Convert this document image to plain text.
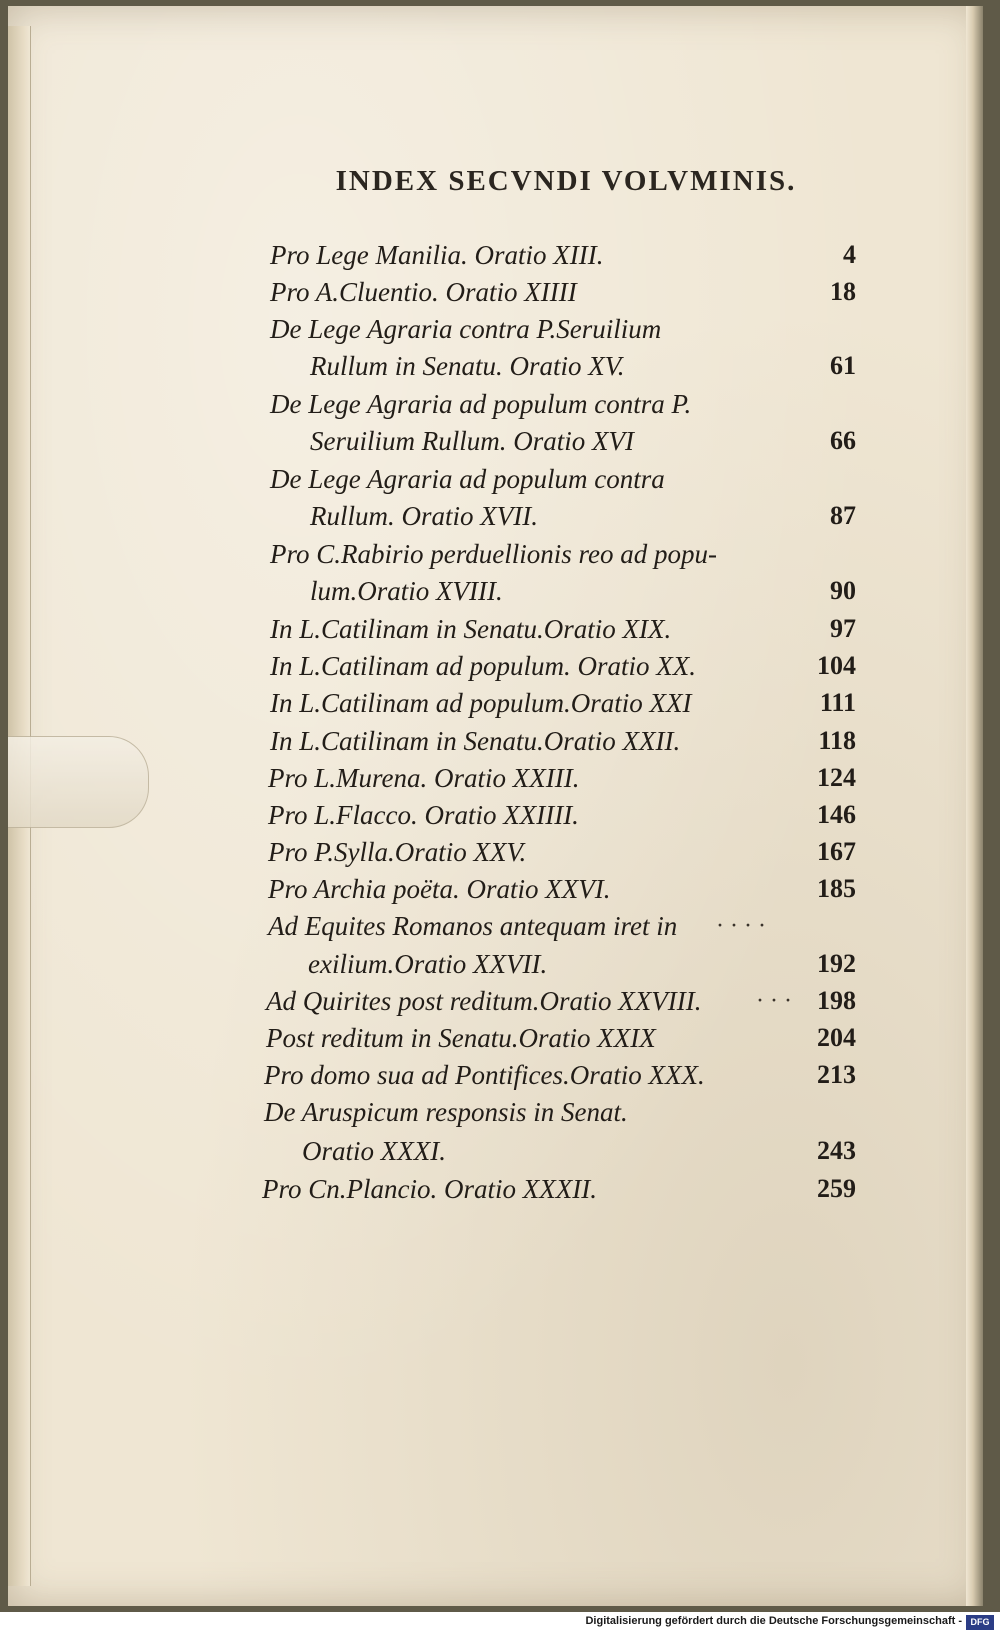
INDEX SECVNDI VOLVMINIS.
Pro Lege Manilia. Oratio XIII.	4
Pro A.Cluentio. Oratio XIIII	18
De Lege Agraria contra P.Seruilium
Rullum in Senatu. Oratio XV.	61
De Lege Agraria ad populum contra P.
Seruilium Rullum. Oratio XVI	66
De Lege Agraria ad populum contra
Rullum. Oratio XVII.	87
Pro C.Rabirio perduellionis reo ad popu-
lum.Oratio XVIII.	90
In L.Catilinam in Senatu.Oratio XIX.	97
In L.Catilinam ad populum. Oratio XX.	104
In L.Catilinam ad populum.Oratio XXI	111
In L.Catilinam in Senatu.Oratio XXII.	118
Pro L.Murena. Oratio XXIII.	124
Pro L.Flacco. Oratio XXIIII.	146
Pro P.Sylla.Oratio XXV.	167
Pro Archia poëta. Oratio XXVI.	185
Ad Equites Romanos antequam iret in ····
exilium.Oratio XXVII.	192
Ad Quirites post reditum.Oratio XXVIII. ··· 198
Post reditum in Senatu.Oratio XXIX	204
Pro domo sua ad Pontifices.Oratio XXX.	213
De Aruspicum responsis in Senat.
Oratio XXXI.	243
Pro Cn.Plancio. Oratio XXXII.	259
Digitalisierung gefördert durch die Deutsche Forschungsgemeinschaft - DFG
